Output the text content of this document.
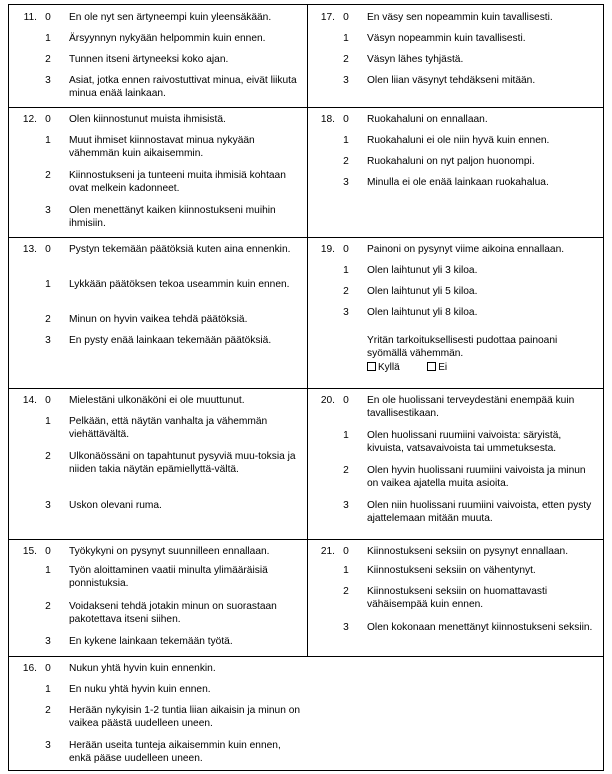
11. 0 En ole nyt sen ärtyneempi kuin yleensäkään.
1 Ärsyynnyn nykyään helpommin kuin ennen.
2 Tunnen itseni ärtyneeksi koko ajan.
3 Asiat, jotka ennen raivostuttivat minua, eivät liikuta minua enää lainkaan.
17. 0 En väsy sen nopeammin kuin tavallisesti.
1 Väsyn nopeammin kuin tavallisesti.
2 Väsyn lähes tyhjästä.
3 Olen liian väsynyt tehdäkseni mitään.
12. 0 Olen kiinnostunut muista ihmisistä.
1 Muut ihmiset kiinnostavat minua nykyään vähemmän kuin aikaisemmin.
2 Kiinnostukseni ja tunteeni muita ihmisiä kohtaan ovat melkein kadonneet.
3 Olen menettänyt kaiken kiinnostukseni muihin ihmisiin.
18. 0 Ruokahaluni on ennallaan.
1 Ruokahaluni ei ole niin hyvä kuin ennen.
2 Ruokahaluni on nyt paljon huonompi.
3 Minulla ei ole enää lainkaan ruokahalua.
13. 0 Pystyn tekemään päätöksiä kuten aina ennenkin.
1 Lykkään päätöksen tekoa useammin kuin ennen.
2 Minun on hyvin vaikea tehdä päätöksiä.
3 En pysty enää lainkaan tekemään päätöksiä.
19. 0 Painoni on pysynyt viime aikoina ennallaan.
1 Olen laihtunut yli 3 kiloa.
2 Olen laihtunut yli 5 kiloa.
3 Olen laihtunut yli 8 kiloa.
Yritän tarkoituksellisesti pudottaa painoani syömällä vähemmän.
Kyllä	Ei
14. 0 Mielestäni ulkonäköni ei ole muuttunut.
1 Pelkään, että näytän vanhalta ja vähemmän viehättävältä.
2 Ulkonäössäni on tapahtunut pysyviä muu-toksia ja niiden takia näytän epämiellyttä-vältä.
3 Uskon olevani ruma.
20. 0 En ole huolissani terveydestäni enempää kuin tavallisestikaan.
1 Olen huolissani ruumiini vaivoista: säryistä, kivuista, vatsavaivoista tai ummetuksesta.
2 Olen hyvin huolissani ruumiini vaivoista ja minun on vaikea ajatella muita asioita.
3 Olen niin huolissani ruumiini vaivoista, etten pysty ajattelemaan mitään muuta.
15. 0 Työkykyni on pysynyt suunnilleen ennallaan.
1 Työn aloittaminen vaatii minulta ylimääräisiä ponnistuksia.
2 Voidakseni tehdä jotakin minun on suorastaan pakotettava itseni siihen.
3 En kykene lainkaan tekemään työtä.
21. 0 Kiinnostukseni seksiin on pysynyt ennallaan.
1 Kiinnostukseni seksiin on vähentynyt.
2 Kiinnostukseni seksiin on huomattavasti vähäisempää kuin ennen.
3 Olen kokonaan menettänyt kiinnostukseni seksiin.
16. 0 Nukun yhtä hyvin kuin ennenkin.
1 En nuku yhtä hyvin kuin ennen.
2 Herään nykyisin 1-2 tuntia liian aikaisin ja minun on vaikea päästä uudelleen uneen.
3 Herään useita tunteja aikaisemmin kuin ennen, enkä pääse uudelleen uneen.
